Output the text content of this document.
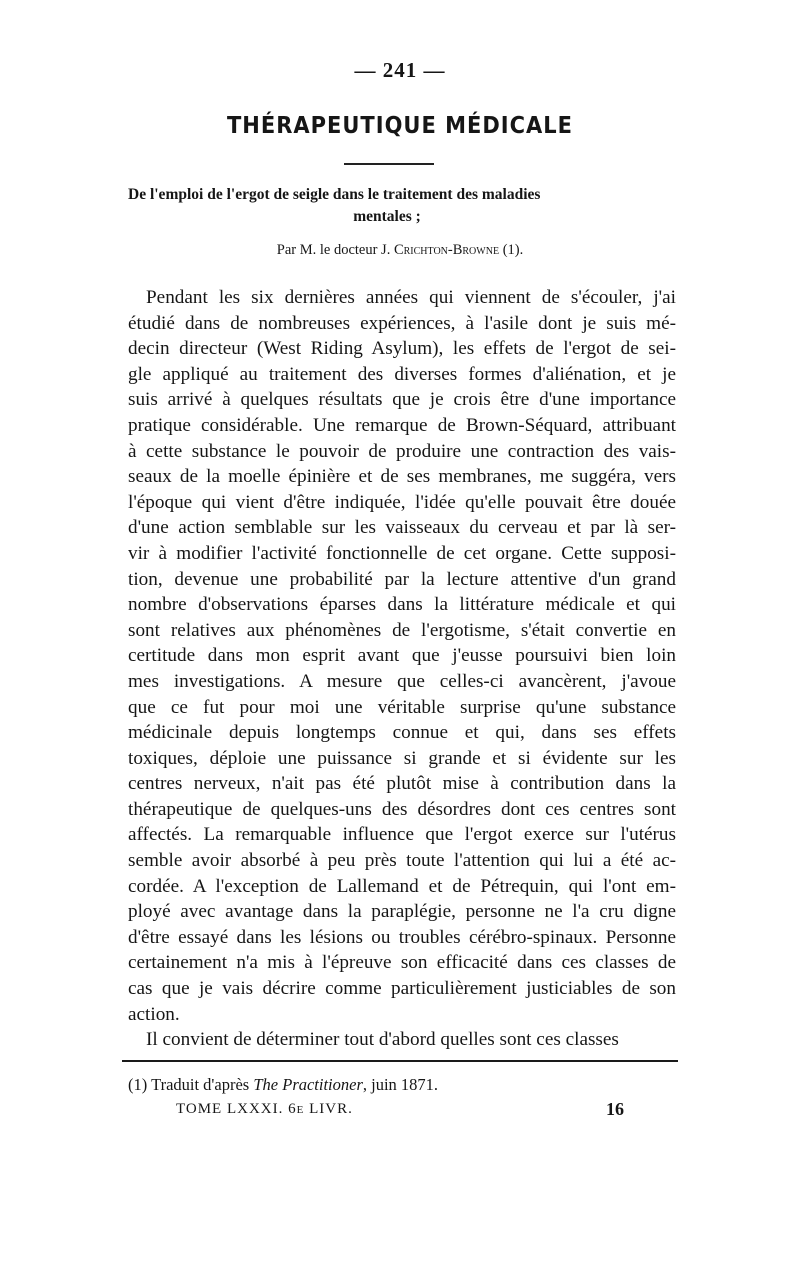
— 241 —

THÉRAPEUTIQUE MÉDICALE
De l'emploi de l'ergot de seigle dans le traitement des maladies
mentales ;

Par M. le docteur J. Crichton-Browne (1).

Pendant les six dernières années qui viennent de s'écouler, j'ai
étudié dans de nombreuses expériences, à l'asile dont je suis mé-
decin directeur (West Riding Asylum), les effets de l'ergot de sei-
gle appliqué au traitement des diverses formes d'aliénation, et je
suis arrivé à quelques résultats que je crois être d'une importance
pratique considérable. Une remarque de Brown-Séquard, attribuant
à cette substance le pouvoir de produire une contraction des vais-
seaux de la moelle épinière et de ses membranes, me suggéra, vers
l'époque qui vient d'être indiquée, l'idée qu'elle pouvait être douée
d'une action semblable sur les vaisseaux du cerveau et par là ser-
vir à modifier l'activité fonctionnelle de cet organe. Cette supposi-
tion, devenue une probabilité par la lecture attentive d'un grand
nombre d'observations éparses dans la littérature médicale et qui
sont relatives aux phénomènes de l'ergotisme, s'était convertie en
certitude dans mon esprit avant que j'eusse poursuivi bien loin
mes investigations. A mesure que celles-ci avancèrent, j'avoue
que ce fut pour moi une véritable surprise qu'une substance
médicinale depuis longtemps connue et qui, dans ses effets
toxiques, déploie une puissance si grande et si évidente sur les
centres nerveux, n'ait pas été plutôt mise à contribution dans la
thérapeutique de quelques-uns des désordres dont ces centres sont
affectés. La remarquable influence que l'ergot exerce sur l'utérus
semble avoir absorbé à peu près toute l'attention qui lui a été ac-
cordée. A l'exception de Lallemand et de Pétrequin, qui l'ont em-
ployé avec avantage dans la paraplégie, personne ne l'a cru digne
d'être essayé dans les lésions ou troubles cérébro-spinaux. Personne
certainement n'a mis à l'épreuve son efficacité dans ces classes de
cas que je vais décrire comme particulièrement justiciables de son
action.
Il convient de déterminer tout d'abord quelles sont ces classes

(1) Traduit d'après The Practitioner, juin 1871.

TOME LXXXI. 6e LIVR.	16
